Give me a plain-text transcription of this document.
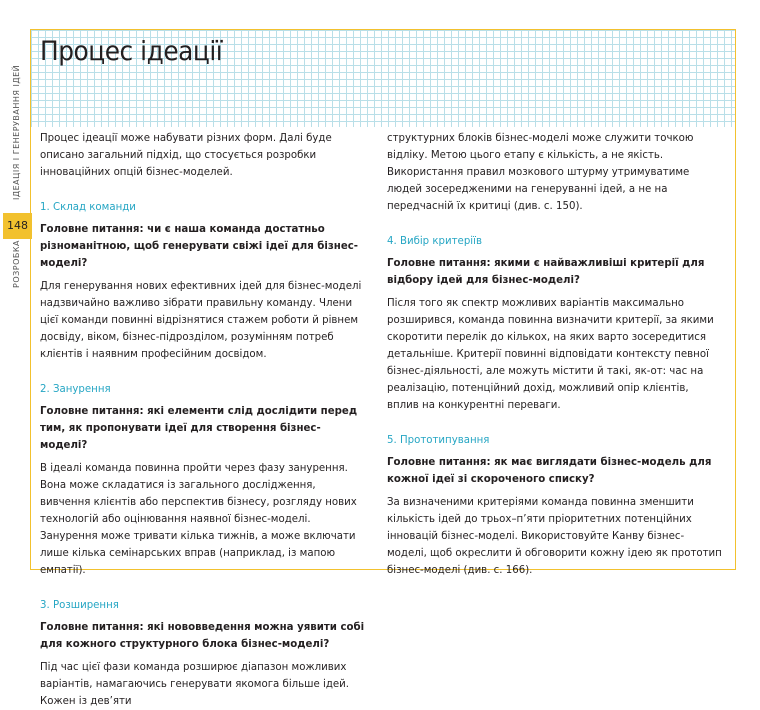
Процес ідеації
ІДЕАЦІЯ І ГЕНЕРУВАННЯ ІДЕЙ
148
РОЗРОБКА

Процес ідеації може набувати різних форм. Далі буде описано загальний підхід, що стосується розробки інноваційних опцій бізнес-моделей.

1. Склад команди

Головне питання: чи є наша команда достатньо різноманітною, щоб генерувати свіжі ідеї для бізнес-моделі?

Для генерування нових ефективних ідей для бізнес-моделі надзвичайно важливо зібрати правильну команду. Члени цієї команди повинні відрізнятися стажем роботи й рівнем досвіду, віком, бізнес-підрозділом, розумінням потреб клієнтів і наявним професійним досвідом.

2. Занурення

Головне питання: які елементи слід дослідити перед тим, як пропонувати ідеї для створення бізнес-моделі?

В ідеалі команда повинна пройти через фазу занурення. Вона може складатися із загального дослідження, вивчення клієнтів або перспектив бізнесу, розгляду нових технологій або оцінювання наявної бізнес-моделі. Занурення може тривати кілька тижнів, а може включати лише кілька семінарських вправ (наприклад, із мапою емпатії).

3. Розширення

Головне питання: які нововведення можна уявити собі для кожного структурного блока бізнес-моделі?

Під час цієї фази команда розширює діапазон можливих варіантів, намагаючись генерувати якомога більше ідей. Кожен із дев’яти

структурних блоків бізнес-моделі може служити точкою відліку. Метою цього етапу є кількість, а не якість. Використання правил мозкового штурму утримуватиме людей зосередженими на генеруванні ідей, а не на передчасній їх критиці (див. с. 150).

4. Вибір критеріїв

Головне питання: якими є найважливіші критерії для відбору ідей для бізнес-моделі?

Після того як спектр можливих варіантів максимально розширився, команда повинна визначити критерії, за якими скоротити перелік до кількох, на яких варто зосередитися детальніше. Критерії повинні відповідати контексту певної бізнес-діяльності, але можуть містити й такі, як-от: час на реалізацію, потенційний дохід, можливий опір клієнтів, вплив на конкурентні переваги.

5. Прототипування

Головне питання: як має виглядати бізнес-модель для кожної ідеї зі скороченого списку?

За визначеними критеріями команда повинна зменшити кількість ідей до трьох–п’яти пріоритетних потенційних інновацій бізнес-моделі. Використовуйте Канву бізнес-моделі, щоб окреслити й обговорити кожну ідею як прототип бізнес-моделі (див. с. 166).
